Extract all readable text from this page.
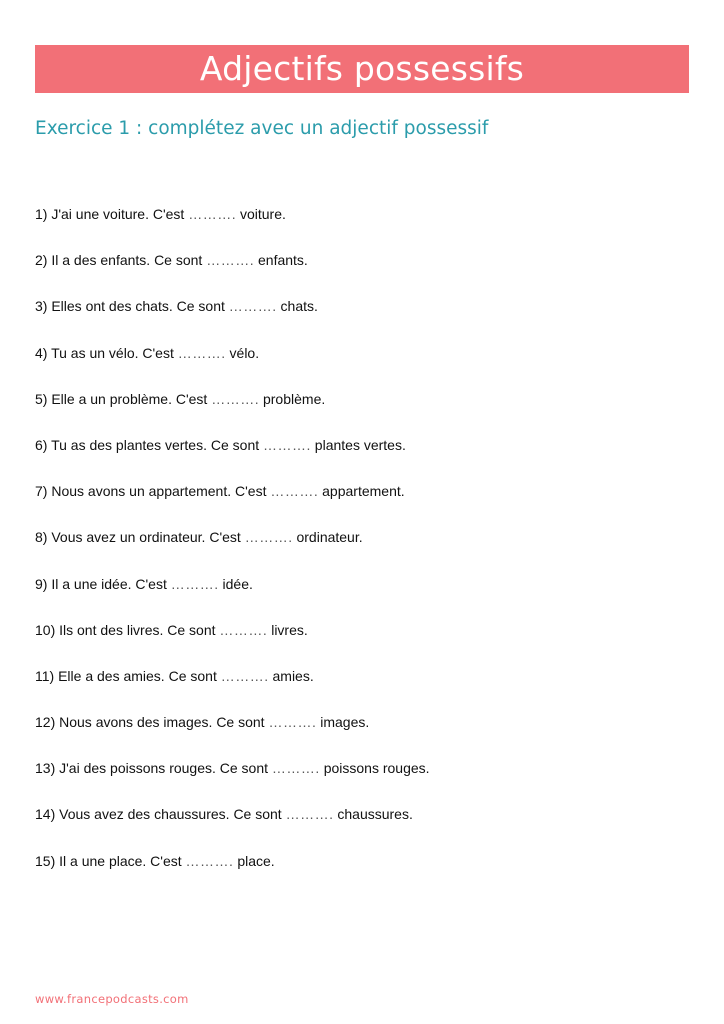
Adjectifs possessifs
Exercice 1 : complétez avec un adjectif possessif
1) J'ai une voiture. C'est ………. voiture.
2) Il a des enfants. Ce sont ………. enfants.
3) Elles ont des chats. Ce sont ………. chats.
4) Tu as un vélo. C'est ………. vélo.
5) Elle a un problème. C'est ………. problème.
6) Tu as des plantes vertes. Ce sont ………. plantes vertes.
7) Nous avons un appartement. C'est ………. appartement.
8) Vous avez un ordinateur. C'est ………. ordinateur.
9) Il a une idée. C'est ………. idée.
10) Ils ont des livres. Ce sont ………. livres.
11) Elle a des amies. Ce sont ………. amies.
12) Nous avons des images. Ce sont ………. images.
13) J'ai des poissons rouges. Ce sont ………. poissons rouges.
14) Vous avez des chaussures. Ce sont ………. chaussures.
15) Il a une place. C'est ………. place.
www.francepodcasts.com
